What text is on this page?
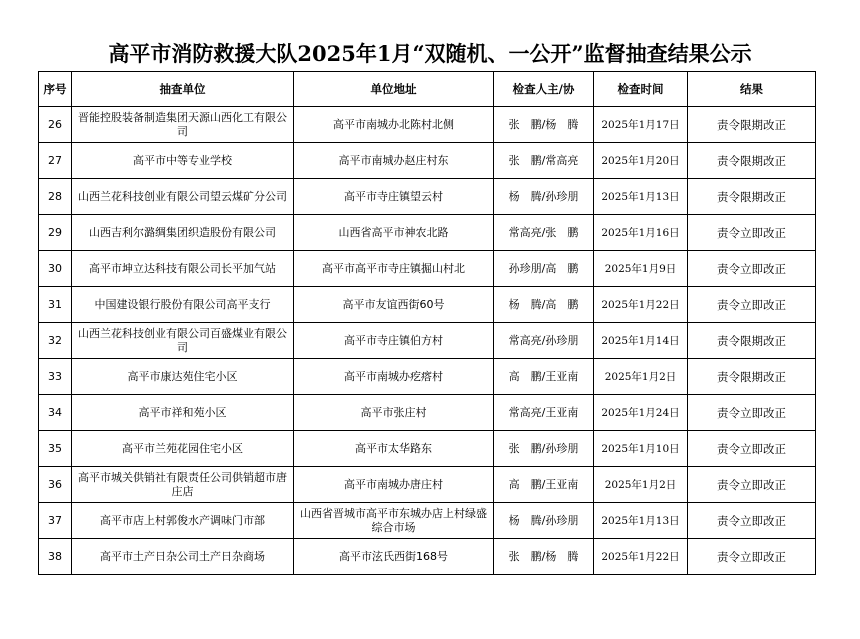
高平市消防救援大队2025年1月“双随机、一公开”监督抽查结果公示
序号	抽查单位	单位地址	检查人主/协	检查时间	结果
26	晋能控股装备制造集团天源山西化工有限公司	高平市南城办北陈村北侧	张　鹏/杨　腾	2025年1月17日	责令限期改正
27	高平市中等专业学校	高平市南城办赵庄村东	张　鹏/常高亮	2025年1月20日	责令限期改正
28	山西兰花科技创业有限公司望云煤矿分公司	高平市寺庄镇望云村	杨　腾/孙珍朋	2025年1月13日	责令限期改正
29	山西吉利尔潞绸集团织造股份有限公司	山西省高平市神农北路	常高亮/张　鹏	2025年1月16日	责令立即改正
30	高平市坤立达科技有限公司长平加气站	高平市高平市寺庄镇掘山村北	孙珍朋/高　鹏	2025年1月9日	责令立即改正
31	中国建设银行股份有限公司高平支行	高平市友谊西街60号	杨　腾/高　鹏	2025年1月22日	责令立即改正
32	山西兰花科技创业有限公司百盛煤业有限公司	高平市寺庄镇伯方村	常高亮/孙珍朋	2025年1月14日	责令限期改正
33	高平市康达苑住宅小区	高平市南城办疙瘩村	高　鹏/王亚南	2025年1月2日	责令限期改正
34	高平市祥和苑小区	高平市张庄村	常高亮/王亚南	2025年1月24日	责令立即改正
35	高平市兰苑花园住宅小区	高平市太华路东	张　鹏/孙珍朋	2025年1月10日	责令立即改正
36	高平市城关供销社有限责任公司供销超市唐庄店	高平市南城办唐庄村	高　鹏/王亚南	2025年1月2日	责令立即改正
37	高平市店上村郭俊水产调味门市部	山西省晋城市高平市东城办店上村绿盛综合市场	杨　腾/孙珍朋	2025年1月13日	责令立即改正
38	高平市土产日杂公司土产日杂商场	高平市泫氏西街168号	张　鹏/杨　腾	2025年1月22日	责令立即改正
